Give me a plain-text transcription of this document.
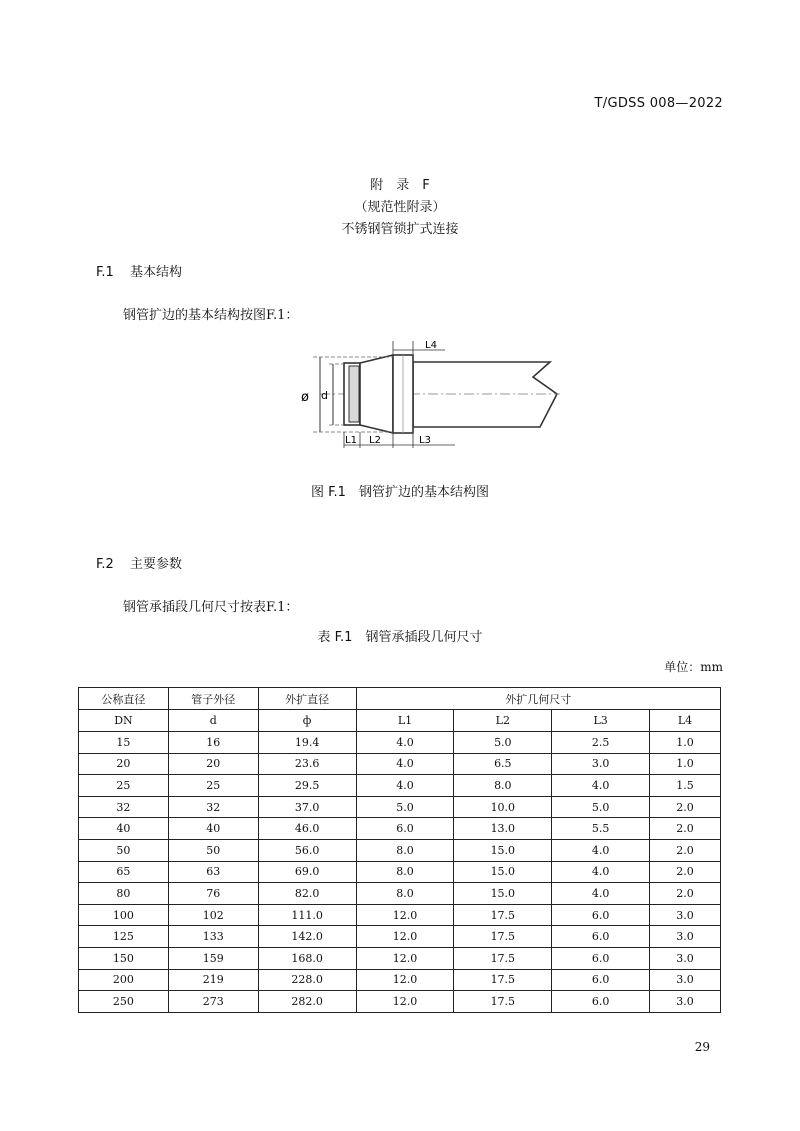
T/GDSS 008—2022
附　录　F
（规范性附录）
不锈钢管锁扩式连接
F.1 基本结构
钢管扩边的基本结构按图F.1：
ø d
L4
L1 L2	L3
图 F.1　钢管扩边的基本结构图
F.2 主要参数
钢管承插段几何尺寸按表F.1：
表 F.1　钢管承插段几何尺寸
单位：mm
公称直径	管子外径	外扩直径	外扩几何尺寸			
DN	d	ф	L1	L2	L3	L4
15	16	19.4	4.0	5.0	2.5	1.0
20	20	23.6	4.0	6.5	3.0	1.0
25	25	29.5	4.0	8.0	4.0	1.5
32	32	37.0	5.0	10.0	5.0	2.0
40	40	46.0	6.0	13.0	5.5	2.0
50	50	56.0	8.0	15.0	4.0	2.0
65	63	69.0	8.0	15.0	4.0	2.0
80	76	82.0	8.0	15.0	4.0	2.0
100	102	111.0	12.0	17.5	6.0	3.0
125	133	142.0	12.0	17.5	6.0	3.0
150	159	168.0	12.0	17.5	6.0	3.0
200	219	228.0	12.0	17.5	6.0	3.0
250	273	282.0	12.0	17.5	6.0	3.0
29
